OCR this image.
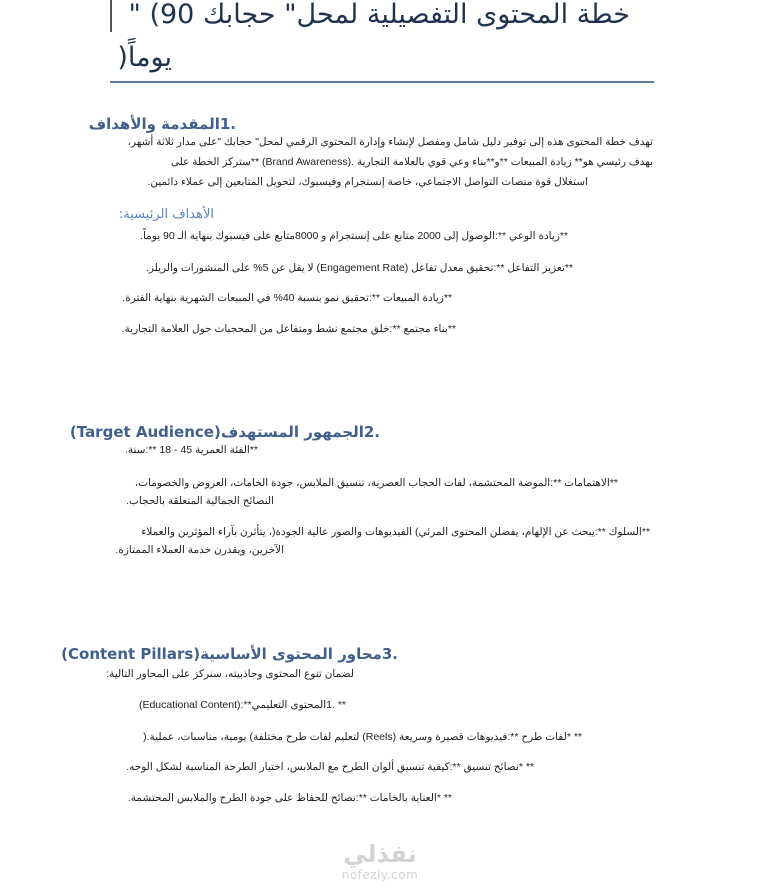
خطة المحتوى التفصيلية لمحل" حجابك 90) "
يوماً(
.1المقدمة والأهداف
تهدف خطة المحتوى هذه إلى توفير دليل شامل ومفصل لإنشاء وإدارة المحتوى الرقمي لمحل" حجابك "على مدار ثلاثة أشهر،
بهدف رئيسي هو** زيادة المبيعات **و**بناء وعي قوي بالعلامة التجارية .(Brand Awareness) **ستركز الخطة على
استغلال قوة منصات التواصل الاجتماعي، خاصة إنستجرام وفيسبوك، لتحويل المتابعين إلى عملاء دائمين.
الأهداف الرئيسية:
**زيادة الوعي **:الوصول إلى 2000 متابع على إنستجرام و 8000متابع على فيسبوك بنهاية الـ 90 يوماً.
**تعزيز التفاعل **:تحقيق معدل تفاعل (Engagement Rate) لا يقل عن 5% على المنشورات والريلز.
**زيادة المبيعات **:تحقيق نمو بنسبة 40% في المبيعات الشهرية بنهاية الفترة.
**بناء مجتمع **:خلق مجتمع نشط ومتفاعل من المحجبات حول العلامة التجارية.
.2الجمهور المستهدف(Target Audience)
**الفئة العمرية 45 - 18 **:سنة.
**الاهتمامات **:الموضة المحتشمة، لفات الحجاب العصرية، تنسيق الملابس، جودة الخامات، العروض والخصومات،
النصائح الجمالية المتعلقة بالحجاب.
**السلوك **:يبحث عن الإلهام، يفضلن المحتوى المرئي) الفيديوهات والصور عالية الجودة(، يتأثرن بآراء المؤثرين والعملاء
الآخرين، ويقدرن خدمة العملاء الممتازة.
.3محاور المحتوى الأساسية(Content Pillars)
لضمان تنوع المحتوى وجاذبيته، سنركز على المحاور التالية:
** .1المحتوى التعليمي**:(Educational Content)
** *لفات طرح **:فيديوهات قصيرة وسريعة (Reels) لتعليم لفات طرح مختلفة) يومية، مناسبات، عملية.(
** *نصائح تنسيق **:كيفية تنسيق ألوان الطرح مع الملابس، اختيار الطرحة المناسبة لشكل الوجه.
** *العناية بالخامات **:نصائح للحفاظ على جودة الطرح والملابس المحتشمة.
نفذلي
nofezly.com
